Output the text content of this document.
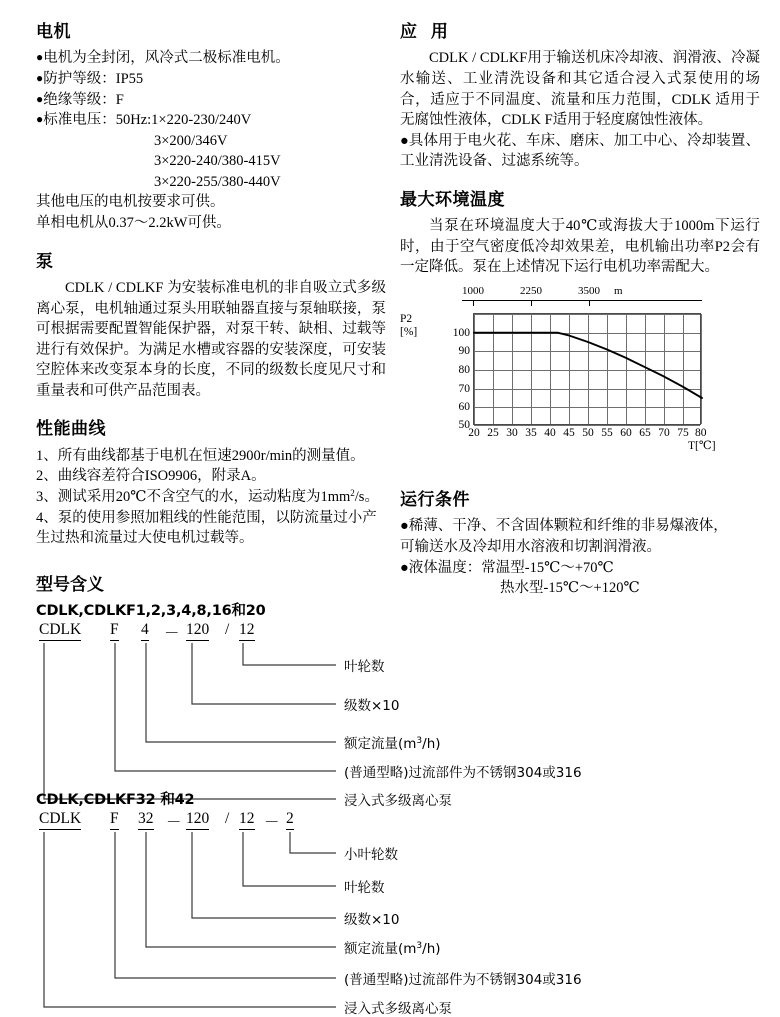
电机

●电机为全封闭，风冷式二极标准电机。

●防护等级：IP55

●绝缘等级：F

●标准电压：50Hz:1×220-230/240V

3×200/346V

3×220-240/380-415V

3×220-255/380-440V

其他电压的电机按要求可供。

单相电机从0.37～2.2kW可供。

泵

CDLK / CDLKF 为安装标准电机的非自吸立式多级离心泵，电机轴通过泵头用联轴器直接与泵轴联接，泵可根据需要配置智能保护器，对泵干转、缺相、过载等进行有效保护。为满足水槽或容器的安装深度，可安装空腔体来改变泵本身的长度，不同的级数长度见尺寸和重量表和可供产品范围表。

性能曲线

1、所有曲线都基于电机在恒速2900r/min的测量值。

2、曲线容差符合ISO9906，附录A。

3、测试采用20℃不含空气的水，运动粘度为$1mm^2/s$。

4、泵的使用参照加粗线的性能范围，以防流量过小产生过热和流量过大使电机过载等。

应 用

CDLK / CDLKF用于输送机床冷却液、润滑液、冷凝水输送、工业清洗设备和其它适合浸入式泵使用的场合，适应于不同温度、流量和压力范围，CDLK 适用于无腐蚀性液体，CDLK F适用于轻度腐蚀性液体。

●具体用于电火花、车床、磨床、加工中心、冷却装置、工业清洗设备、过滤系统等。

最大环境温度

当泵在环境温度大于40℃或海拔大于1000m下运行时，由于空气密度低冷却效果差，电机输出功率P2会有一定降低。泵在上述情况下运行电机功率需配大。

P2
[%]
1000	2250	3500 m
100
90
80
70
60
50
20 25 30 35 40 45 50 55 60 65 70 75 80
T[℃]
运行条件

●稀薄、干净、不含固体颗粒和纤维的非易爆液体，

可输送水及冷却用水溶液和切割润滑液。

●液体温度：常温型-15℃～+70℃

热水型-15℃～+120℃

型号含义

CDLK,CDLKF1,2,3,4,8,16和20

CDLK F 4 － 120 / 12
叶轮数
级数×10
额定流量$(m^3/h)$
(普通型略)过流部件为不锈钢304或316
浸入式多级离心泵

CDLK,CDLKF32 和42

CDLK F 32 － 120 / 12 － 2
小叶轮数
叶轮数
级数×10
额定流量$(m^3/h)$
(普通型略)过流部件为不锈钢304或316
浸入式多级离心泵
